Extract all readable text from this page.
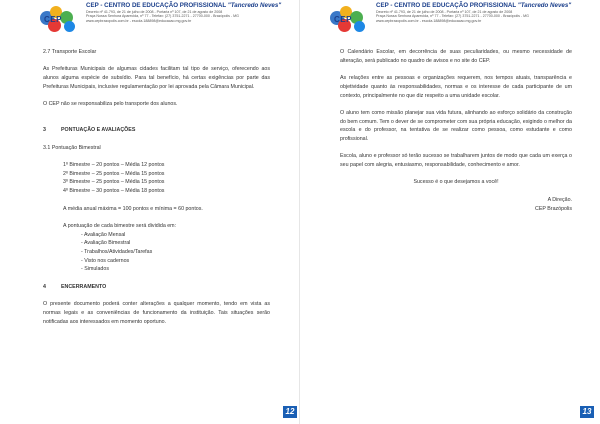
CEP
CEP - CENTRO DE EDUCAÇÃO PROFISSIONAL "Tancredo Neves"
Decreto nº 41.793, de 21 de julho de 2008 - Portaria nº 107, de 21 de agosto de 2008
Praça Nossa Senhora Aparecida, nº 77 - Telefax: (27) 3751-2271 - 27700-000 - Brazópolis - MG
www.cepbrazopolis.com.br - escola.188898@educacao.mg.gov.br

2.7 Transporte Escolar

As Prefeituras Municipais de algumas cidades facilitam tal tipo de serviço, oferecendo aos alunos alguma espécie de subsídio. Para tal benefício, há certas exigências por parte das Prefeituras Municipais, inclusive regulamentação por lei aprovada pela Câmara Municipal.

O CEP não se responsabiliza pelo transporte dos alunos.

3	PONTUAÇÃO E AVALIAÇÕES

3.1 Pontuação Bimestral

1º Bimestre – 20 pontos – Média 12 pontos

2º Bimestre – 25 pontos – Média 15 pontos

3º Bimestre – 25 pontos – Média 15 pontos

4º Bimestre – 30 pontos – Média 18 pontos

A média anual máxima = 100 pontos e mínima = 60 pontos.

A pontuação de cada bimestre será dividida em:

- Avaliação Mensal

- Avaliação Bimestral

- Trabalhos/Atividades/Tarefas

- Visto nos cadernos

- Simulados

4	ENCERRAMENTO

O presente documento poderá conter alterações a qualquer momento, tendo em vista as normas legais e as conveniências de funcionamento da instituição. Tais situações serão notificadas aos interessados em momento oportuno.

12
CEP
CEP - CENTRO DE EDUCAÇÃO PROFISSIONAL "Tancredo Neves"
Decreto nº 41.793, de 21 de julho de 2008 - Portaria nº 107, de 21 de agosto de 2008
Praça Nossa Senhora Aparecida, nº 77 - Telefax: (27) 3751-2271 - 27700-000 - Brazópolis - MG
www.cepbrazopolis.com.br - escola.188898@educacao.mg.gov.br

O Calendário Escolar, em decorrência de suas peculiaridades, ou mesmo necessidade de alteração, será publicado no quadro de avisos e no site do CEP.

As relações entre as pessoas e organizações requerem, nos tempos atuais, transparência e objetividade quanto às responsabilidades, normas e os interesse de cada participante de um contexto, principalmente no que diz respeito a uma unidade escolar.

O aluno tem como missão planejar sua vida futura, alinhando ao esforço solidário da construção do bem comum. Tem o dever de se comprometer com sua própria educação, exigindo o melhor da escola e do professor, na tentativa de se realizar como pessoa, como estudante e como profissional.

Escola, aluno e professor só terão sucesso se trabalharem juntos de modo que cada um exerça o seu papel com alegria, entusiasmo, responsabilidade, conhecimento e amor.

Sucesso é o que desejamos a você!

A Direção.

CEP Brazópolis

13
